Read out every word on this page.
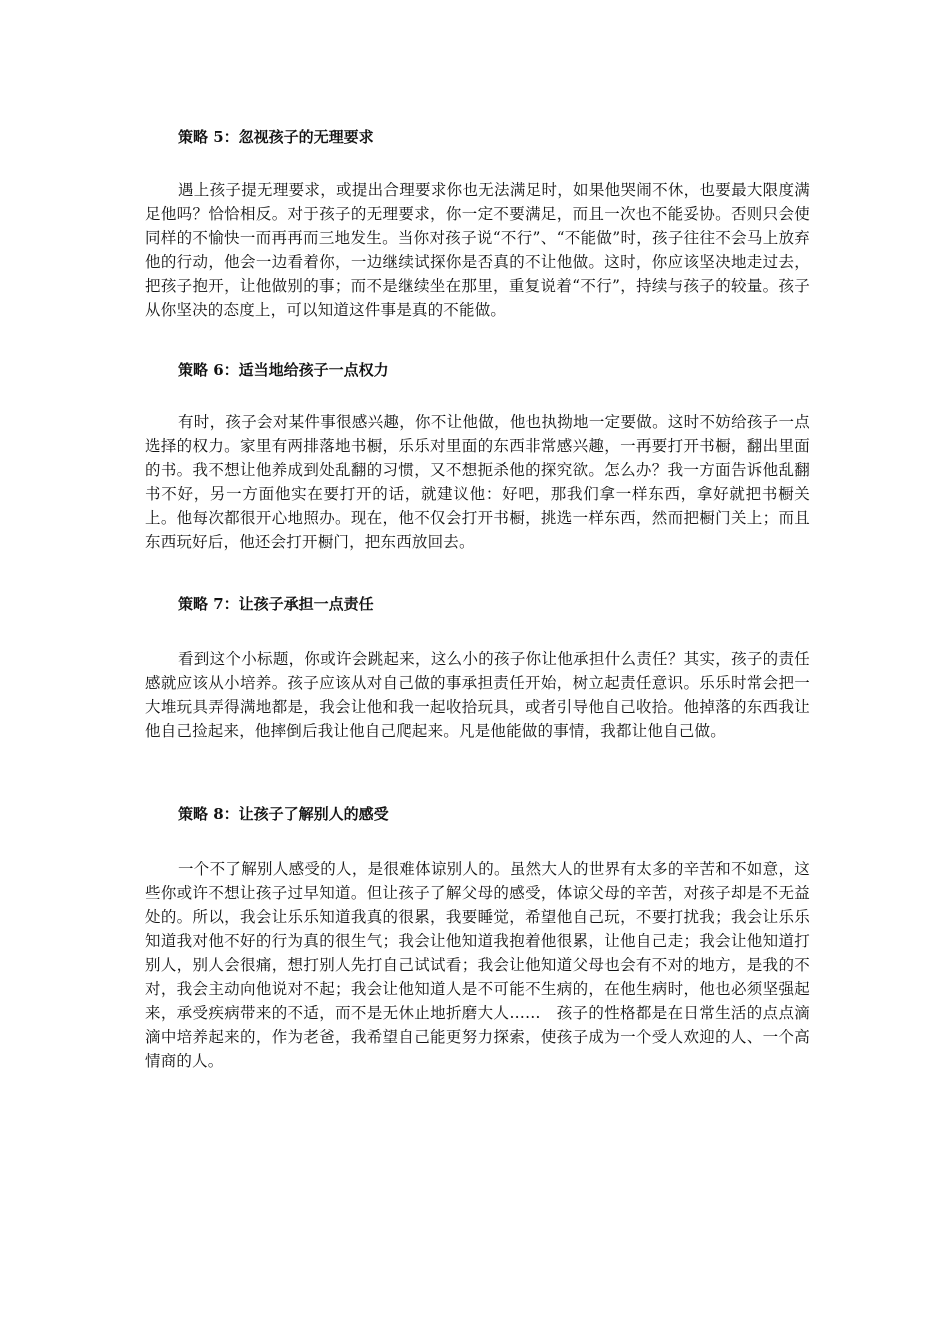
策略 5：忽视孩子的无理要求
遇上孩子提无理要求，或提出合理要求你也无法满足时，如果他哭闹不休，也要最大限度满足他吗？恰恰相反。对于孩子的无理要求，你一定不要满足，而且一次也不能妥协。否则只会使同样的不愉快一而再再而三地发生。当你对孩子说“不行”、“不能做”时，孩子往往不会马上放弃他的行动，他会一边看着你，一边继续试探你是否真的不让他做。这时，你应该坚决地走过去，把孩子抱开，让他做别的事；而不是继续坐在那里，重复说着“不行”，持续与孩子的较量。孩子从你坚决的态度上，可以知道这件事是真的不能做。
策略 6：适当地给孩子一点权力
有时，孩子会对某件事很感兴趣，你不让他做，他也执拗地一定要做。这时不妨给孩子一点选择的权力。家里有两排落地书橱，乐乐对里面的东西非常感兴趣，一再要打开书橱，翻出里面的书。我不想让他养成到处乱翻的习惯，又不想扼杀他的探究欲。怎么办？我一方面告诉他乱翻书不好，另一方面他实在要打开的话，就建议他：好吧，那我们拿一样东西，拿好就把书橱关上。他每次都很开心地照办。现在，他不仅会打开书橱，挑选一样东西，然而把橱门关上；而且东西玩好后，他还会打开橱门，把东西放回去。
策略 7：让孩子承担一点责任
看到这个小标题，你或许会跳起来，这么小的孩子你让他承担什么责任？其实，孩子的责任感就应该从小培养。孩子应该从对自己做的事承担责任开始，树立起责任意识。乐乐时常会把一大堆玩具弄得满地都是，我会让他和我一起收拾玩具，或者引导他自己收拾。他掉落的东西我让他自己捡起来，他摔倒后我让他自己爬起来。凡是他能做的事情，我都让他自己做。
策略 8：让孩子了解别人的感受
一个不了解别人感受的人，是很难体谅别人的。虽然大人的世界有太多的辛苦和不如意，这些你或许不想让孩子过早知道。但让孩子了解父母的感受，体谅父母的辛苦，对孩子却是不无益处的。所以，我会让乐乐知道我真的很累，我要睡觉，希望他自己玩，不要打扰我；我会让乐乐知道我对他不好的行为真的很生气；我会让他知道我抱着他很累，让他自己走；我会让他知道打别人，别人会很痛，想打别人先打自己试试看；我会让他知道父母也会有不对的地方，是我的不对，我会主动向他说对不起；我会让他知道人是不可能不生病的，在他生病时，他也必须坚强起来，承受疾病带来的不适，而不是无休止地折磨大人……　孩子的性格都是在日常生活的点点滴滴中培养起来的，作为老爸，我希望自己能更努力探索，使孩子成为一个受人欢迎的人、一个高情商的人。
